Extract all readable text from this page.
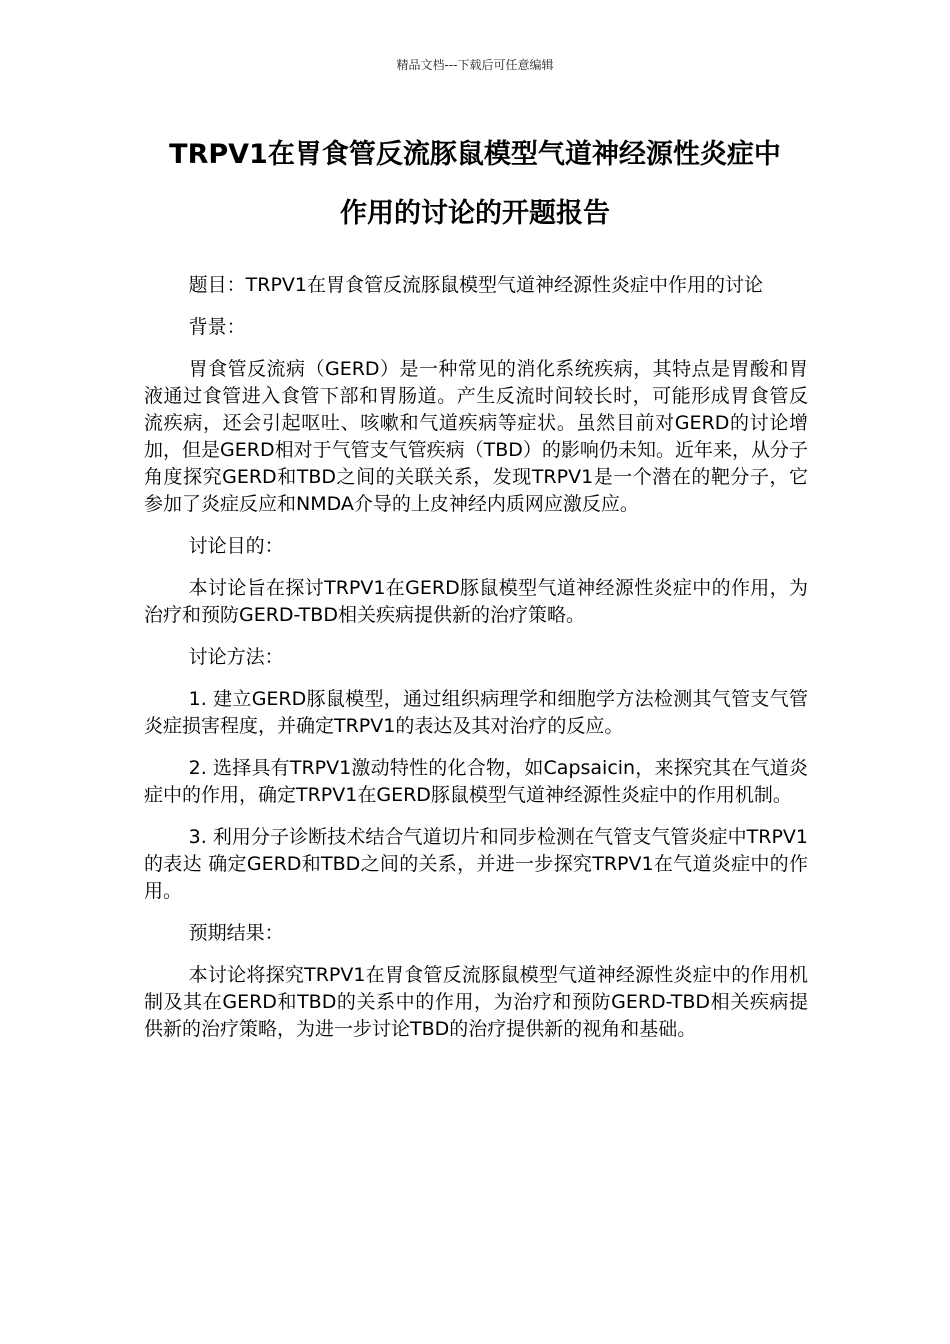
精品文档---下载后可任意编辑
TRPV1在胃食管反流豚鼠模型气道神经源性炎症中
作用的讨论的开题报告

题目：TRPV1在胃食管反流豚鼠模型气道神经源性炎症中作用的讨论

背景：

胃食管反流病（GERD）是一种常见的消化系统疾病，其特点是胃酸和胃液通过食管进入食管下部和胃肠道。产生反流时间较长时，可能形成胃食管反流疾病，还会引起呕吐、咳嗽和气道疾病等症状。虽然目前对GERD的讨论增加，但是GERD相对于气管支气管疾病（TBD）的影响仍未知。近年来，从分子角度探究GERD和TBD之间的关联关系，发现TRPV1是一个潜在的靶分子，它参加了炎症反应和NMDA介导的上皮神经内质网应激反应。

讨论目的：

本讨论旨在探讨TRPV1在GERD豚鼠模型气道神经源性炎症中的作用，为治疗和预防GERD-TBD相关疾病提供新的治疗策略。

讨论方法：

1. 建立GERD豚鼠模型，通过组织病理学和细胞学方法检测其气管支气管炎症损害程度，并确定TRPV1的表达及其对治疗的反应。

2. 选择具有TRPV1激动特性的化合物，如Capsaicin，来探究其在气道炎症中的作用，确定TRPV1在GERD豚鼠模型气道神经源性炎症中的作用机制。

3. 利用分子诊断技术结合气道切片和同步检测在气管支气管炎症中TRPV1的表达 确定GERD和TBD之间的关系，并进一步探究TRPV1在气道炎症中的作用。

预期结果：

本讨论将探究TRPV1在胃食管反流豚鼠模型气道神经源性炎症中的作用机制及其在GERD和TBD的关系中的作用，为治疗和预防GERD-TBD相关疾病提供新的治疗策略，为进一步讨论TBD的治疗提供新的视角和基础。
